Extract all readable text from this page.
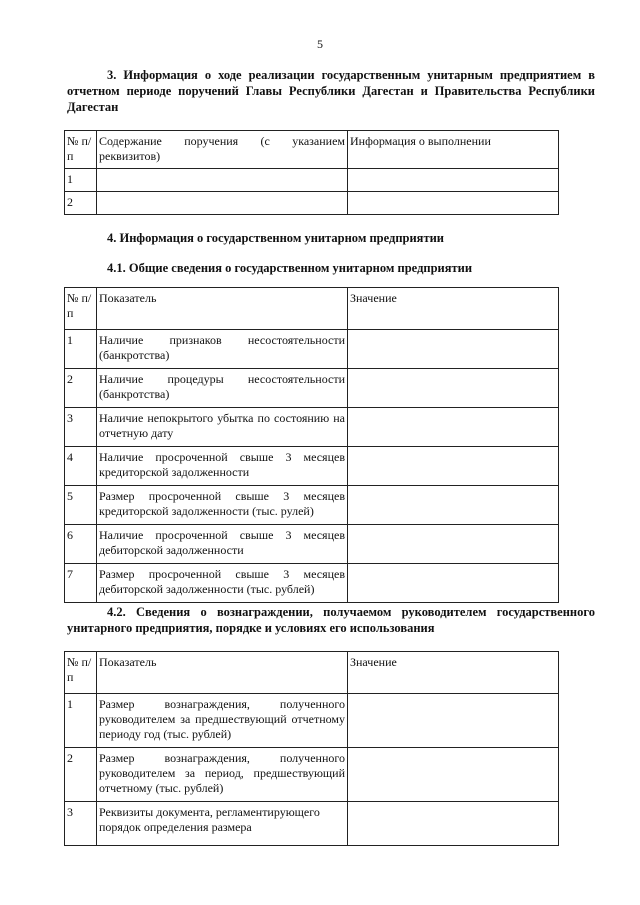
5
3. Информация о ходе реализации государственным унитарным предприятием в отчетном периоде поручений Главы Республики Дагестан и Правительства Республики Дагестан
№ п/п	Содержание поручения (с указанием реквизитов)	Информация о выполнении
1		
2		
4. Информация о государственном унитарном предприятии
4.1. Общие сведения о государственном унитарном предприятии
№ п/п	Показатель	Значение
1	Наличие признаков несостоятельности (банкротства)	
2	Наличие процедуры несостоятельности (банкротства)	
3	Наличие непокрытого убытка по состоянию на отчетную дату	
4	Наличие просроченной свыше 3 месяцев кредиторской задолженности	
5	Размер просроченной свыше 3 месяцев кредиторской задолженности (тыс. рулей)	
6	Наличие просроченной свыше 3 месяцев дебиторской задолженности	
7	Размер просроченной свыше 3 месяцев дебиторской задолженности (тыс. рублей)	
4.2. Сведения о вознаграждении, получаемом руководителем государственного унитарного предприятия, порядке и условиях его использования
№ п/п	Показатель	Значение
1	Размер вознаграждения, полученного руководителем за предшествующий отчетному периоду год (тыс. рублей)	
2	Размер вознаграждения, полученного руководителем за период, предшествующий отчетному (тыс. рублей)	
3	Реквизиты документа, регламентирующего порядок определения размера	
